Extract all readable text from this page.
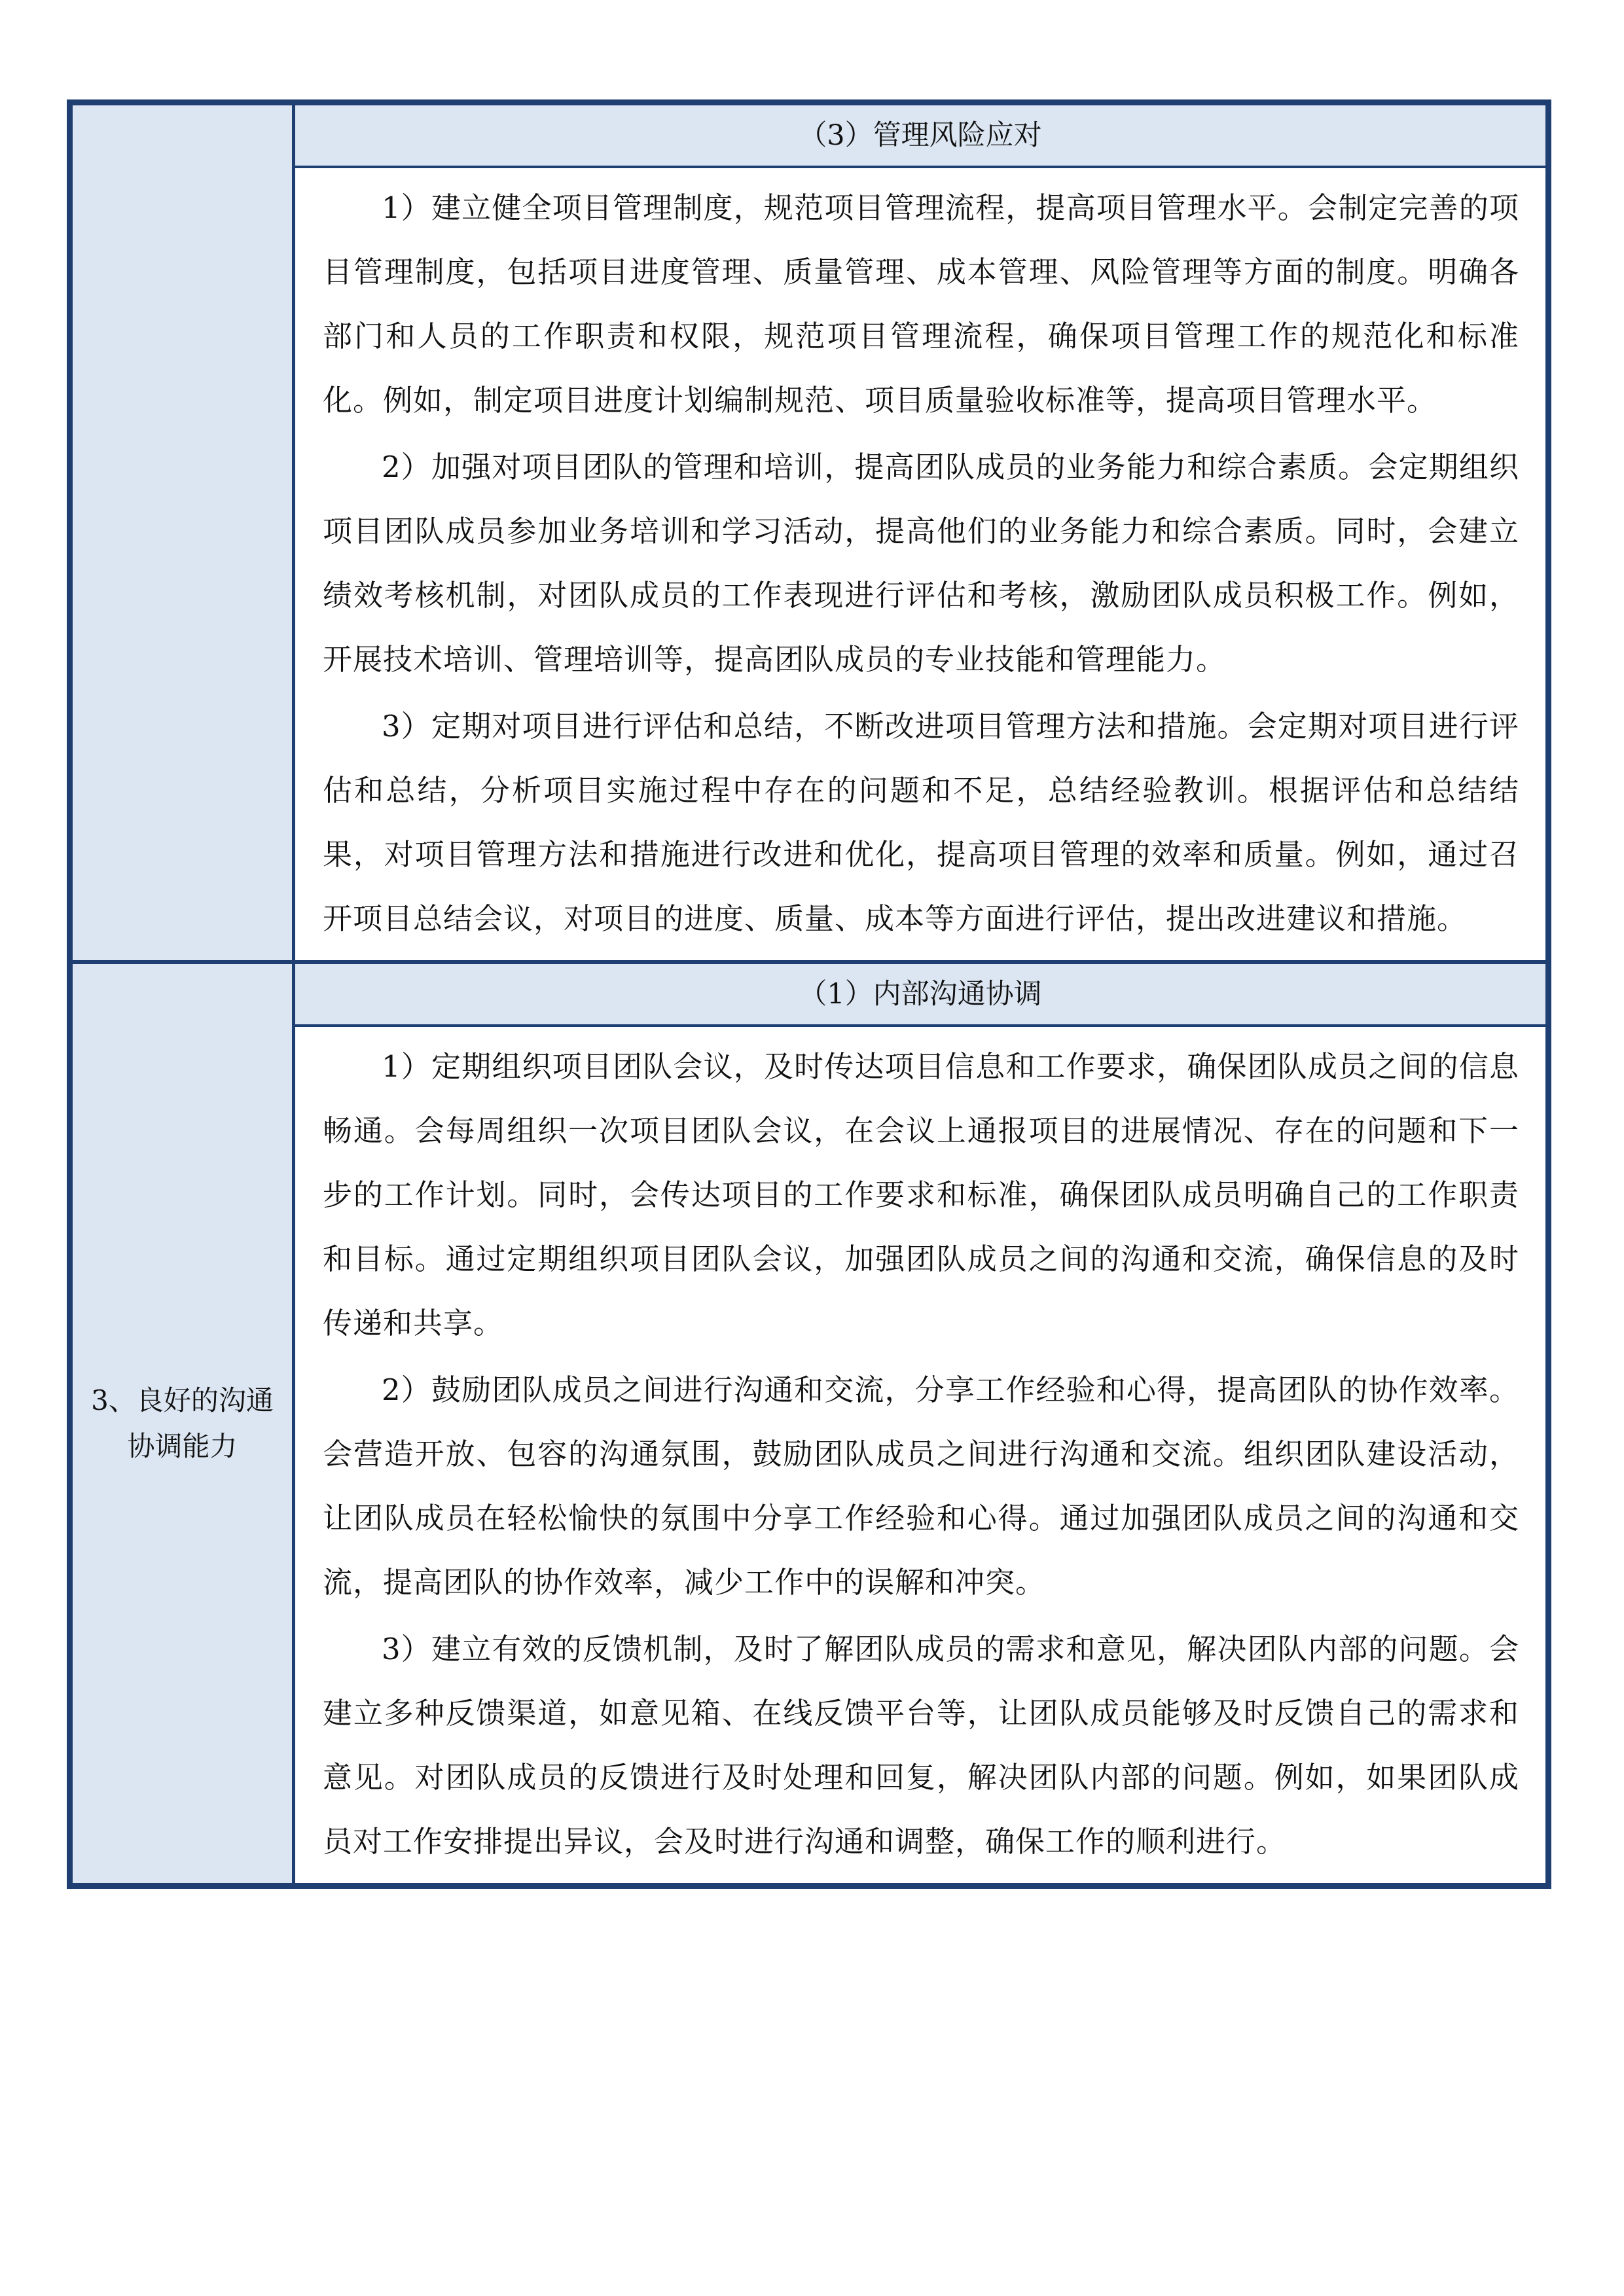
（3）管理风险应对

1）建立健全项目管理制度，规范项目管理流程，提高项目管理水平。会制定完善的项目管理制度，包括项目进度管理、质量管理、成本管理、风险管理等方面的制度。明确各部门和人员的工作职责和权限，规范项目管理流程，确保项目管理工作的规范化和标准化。例如，制定项目进度计划编制规范、项目质量验收标准等，提高项目管理水平。

2）加强对项目团队的管理和培训，提高团队成员的业务能力和综合素质。会定期组织项目团队成员参加业务培训和学习活动，提高他们的业务能力和综合素质。同时，会建立绩效考核机制，对团队成员的工作表现进行评估和考核，激励团队成员积极工作。例如，开展技术培训、管理培训等，提高团队成员的专业技能和管理能力。

3）定期对项目进行评估和总结，不断改进项目管理方法和措施。会定期对项目进行评估和总结，分析项目实施过程中存在的问题和不足，总结经验教训。根据评估和总结结果，对项目管理方法和措施进行改进和优化，提高项目管理的效率和质量。例如，通过召开项目总结会议，对项目的进度、质量、成本等方面进行评估，提出改进建议和措施。

3、良好的沟通协调能力
（1）内部沟通协调

1）定期组织项目团队会议，及时传达项目信息和工作要求，确保团队成员之间的信息畅通。会每周组织一次项目团队会议，在会议上通报项目的进展情况、存在的问题和下一步的工作计划。同时，会传达项目的工作要求和标准，确保团队成员明确自己的工作职责和目标。通过定期组织项目团队会议，加强团队成员之间的沟通和交流，确保信息的及时传递和共享。

2）鼓励团队成员之间进行沟通和交流，分享工作经验和心得，提高团队的协作效率。会营造开放、包容的沟通氛围，鼓励团队成员之间进行沟通和交流。组织团队建设活动，让团队成员在轻松愉快的氛围中分享工作经验和心得。通过加强团队成员之间的沟通和交流，提高团队的协作效率，减少工作中的误解和冲突。

3）建立有效的反馈机制，及时了解团队成员的需求和意见，解决团队内部的问题。会建立多种反馈渠道，如意见箱、在线反馈平台等，让团队成员能够及时反馈自己的需求和意见。对团队成员的反馈进行及时处理和回复，解决团队内部的问题。例如，如果团队成员对工作安排提出异议，会及时进行沟通和调整，确保工作的顺利进行。
